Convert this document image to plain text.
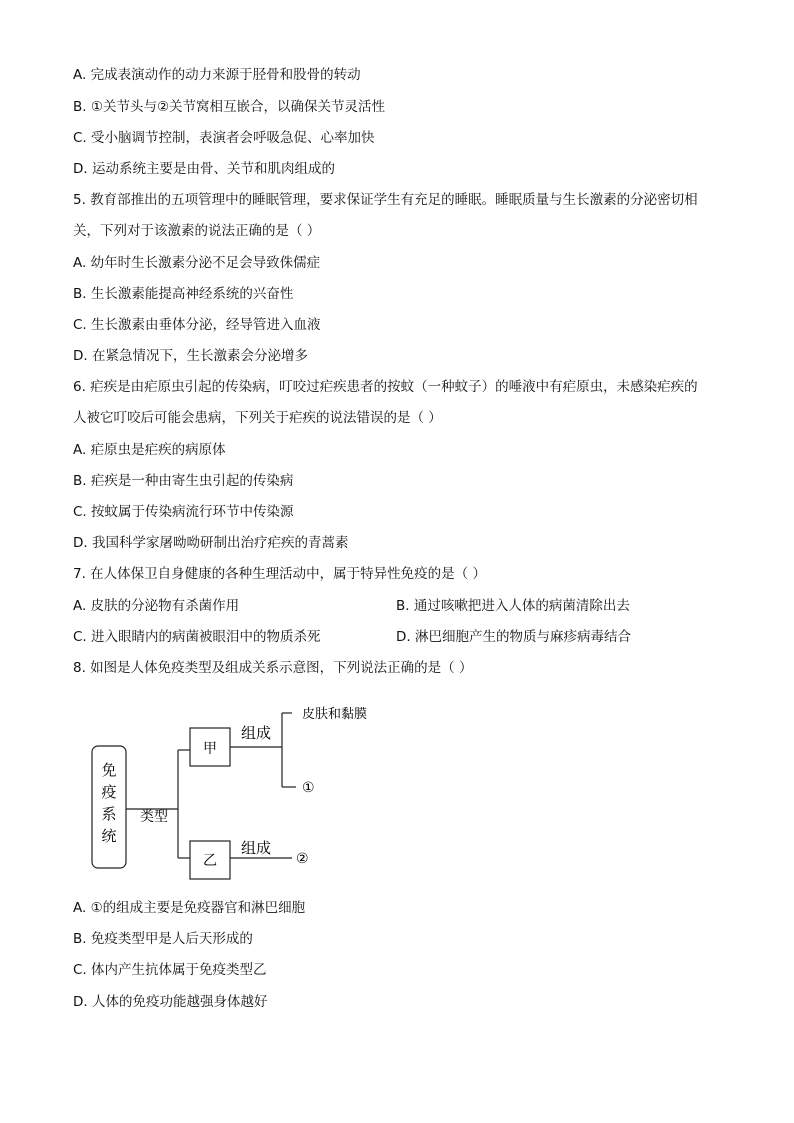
A. 完成表演动作的动力来源于胫骨和股骨的转动
B. ①关节头与②关节窝相互嵌合，以确保关节灵活性
C. 受小脑调节控制，表演者会呼吸急促、心率加快
D. 运动系统主要是由骨、关节和肌肉组成的
5. 教育部推出的五项管理中的睡眠管理，要求保证学生有充足的睡眠。睡眠质量与生长激素的分泌密切相
关，下列对于该激素的说法正确的是（ ）
A. 幼年时生长激素分泌不足会导致侏儒症
B. 生长激素能提高神经系统的兴奋性
C. 生长激素由垂体分泌，经导管进入血液
D. 在紧急情况下，生长激素会分泌增多
6. 疟疾是由疟原虫引起的传染病，叮咬过疟疾患者的按蚊（一种蚊子）的唾液中有疟原虫，未感染疟疾的
人被它叮咬后可能会患病，下列关于疟疾的说法错误的是（ ）
A. 疟原虫是疟疾的病原体
B. 疟疾是一种由寄生虫引起的传染病
C. 按蚊属于传染病流行环节中传染源
D. 我国科学家屠呦呦研制出治疗疟疾的青蒿素
7. 在人体保卫自身健康的各种生理活动中，属于特异性免疫的是（ ）
A. 皮肤的分泌物有杀菌作用	B. 通过咳嗽把进入人体的病菌清除出去
C. 进入眼睛内的病菌被眼泪中的物质杀死	D. 淋巴细胞产生的物质与麻疹病毒结合
8. 如图是人体免疫类型及组成关系示意图，下列说法正确的是（ ）
免
疫
系
统
类型
甲
组成
皮肤和黏膜
①
乙
组成
②
A. ①的组成主要是免疫器官和淋巴细胞
B. 免疫类型甲是人后天形成的
C. 体内产生抗体属于免疫类型乙
D. 人体的免疫功能越强身体越好
